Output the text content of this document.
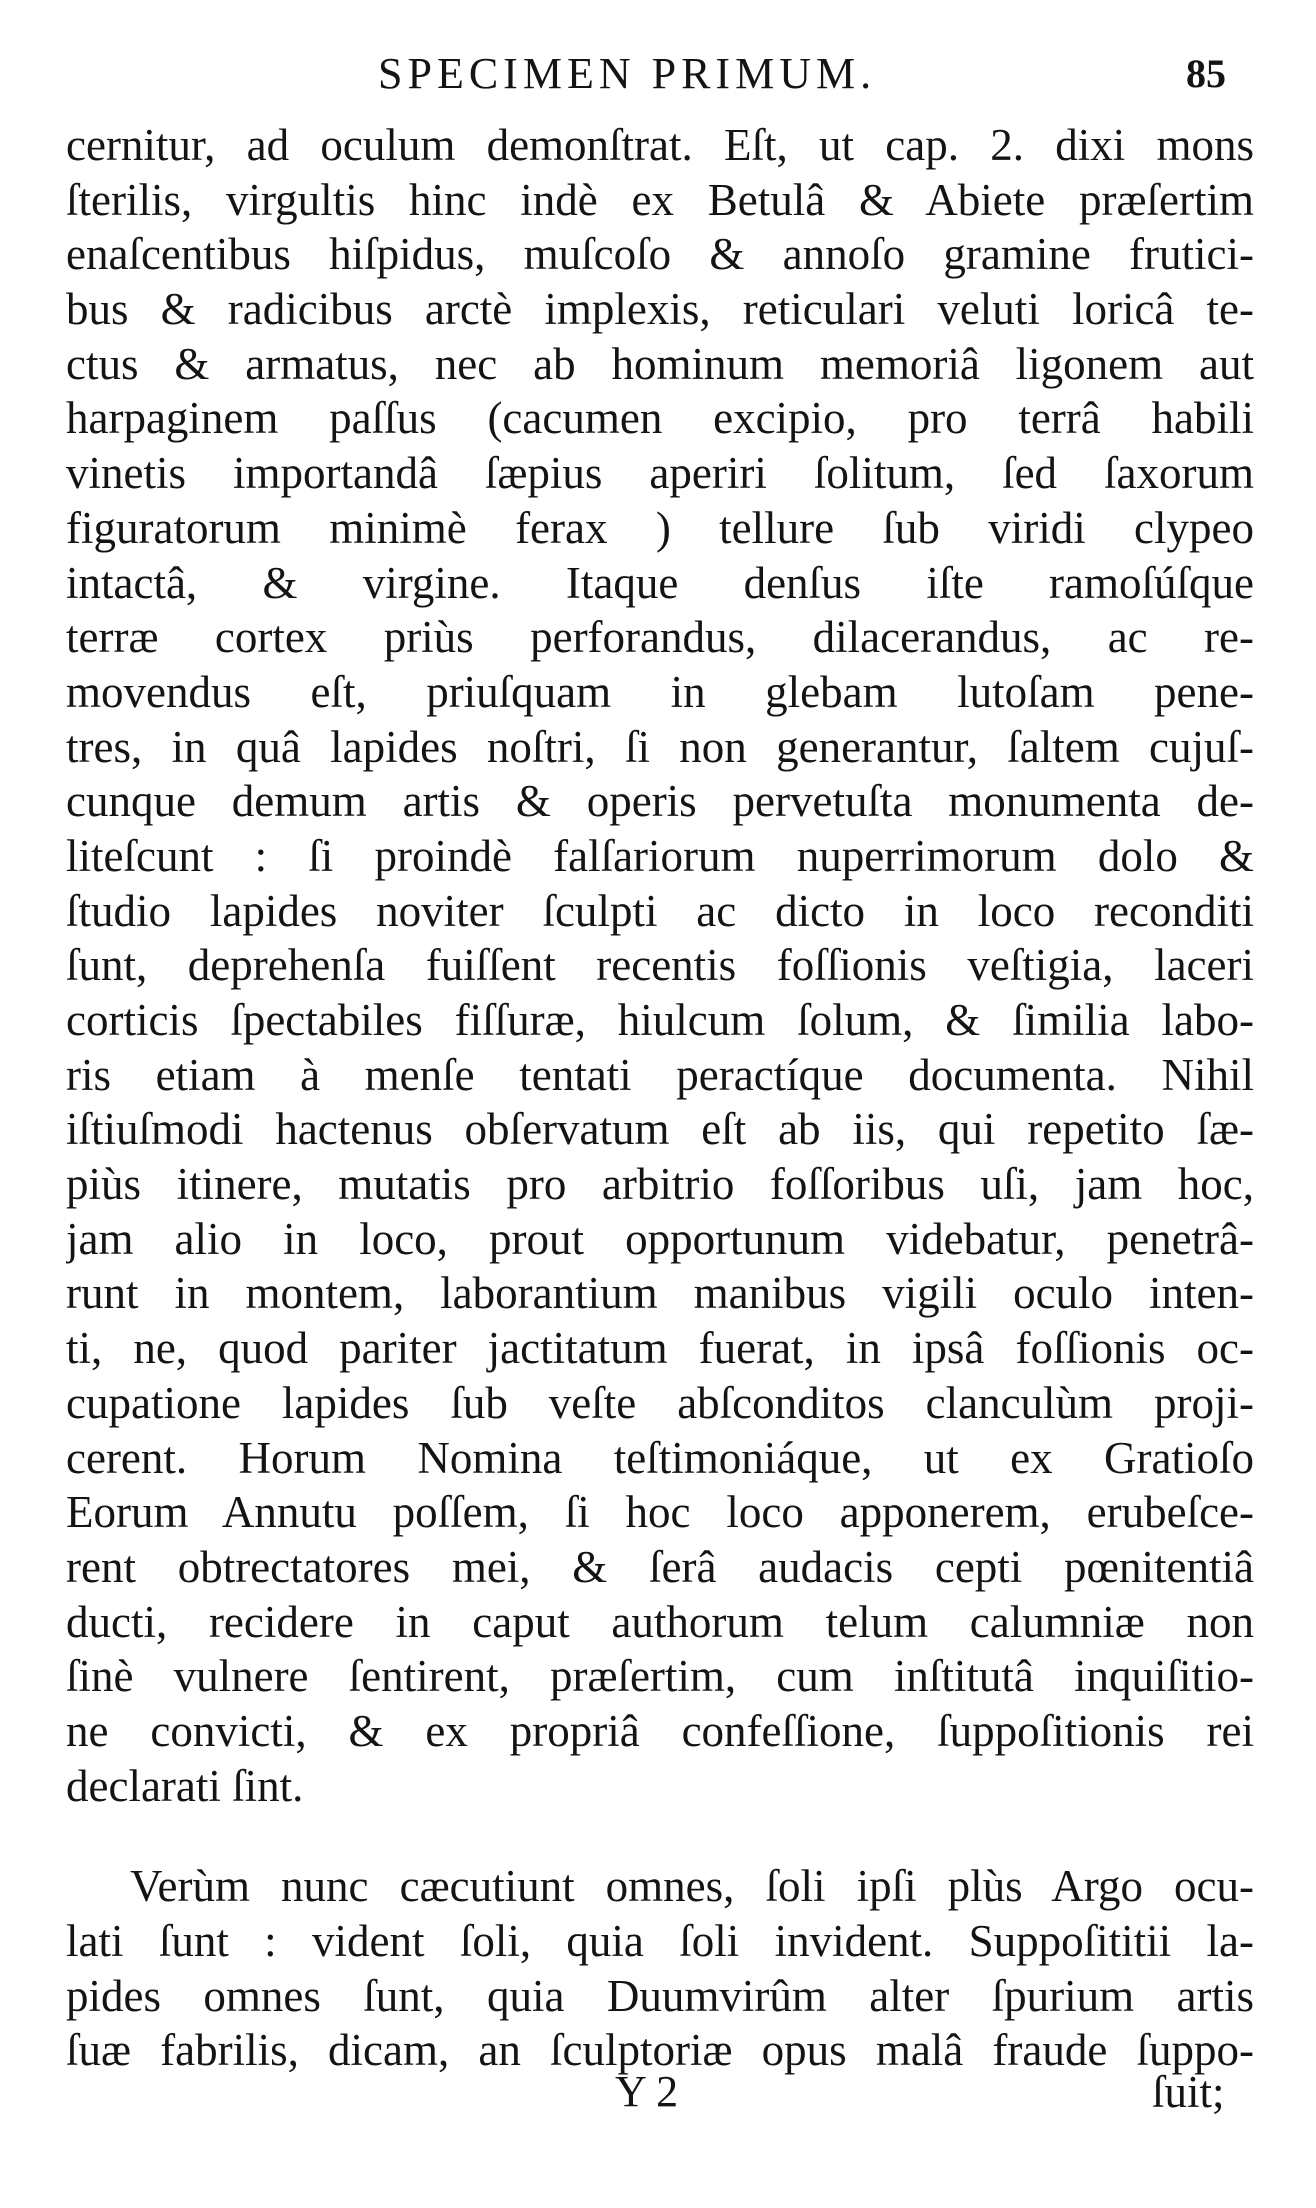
SPECIMEN PRIMUM.	85
cernitur, ad oculum demonſtrat. Eſt, ut cap. 2. dixi mons
ſterilis, virgultis hinc indè ex Betulâ & Abiete præſertim
enaſcentibus hiſpidus, muſcoſo & annoſo gramine frutici-
bus & radicibus arctè implexis, reticulari veluti loricâ te-
ctus & armatus, nec ab hominum memoriâ ligonem aut
harpaginem paſſus (cacumen excipio, pro terrâ habili
vinetis importandâ ſæpius aperiri ſolitum, ſed ſaxorum
figuratorum minimè ferax ) tellure ſub viridi clypeo
intactâ, & virgine. Itaque denſus iſte ramoſúſque
terræ cortex priùs perforandus, dilacerandus, ac re-
movendus eſt, priuſquam in glebam lutoſam pene-
tres, in quâ lapides noſtri, ſi non generantur, ſaltem cujuſ-
cunque demum artis & operis pervetuſta monumenta de-
liteſcunt : ſi proindè falſariorum nuperrimorum dolo &
ſtudio lapides noviter ſculpti ac dicto in loco reconditi
ſunt, deprehenſa fuiſſent recentis foſſionis veſtigia, laceri
corticis ſpectabiles fiſſuræ, hiulcum ſolum, & ſimilia labo-
ris etiam à menſe tentati peractíque documenta. Nihil
iſtiuſmodi hactenus obſervatum eſt ab iis, qui repetito ſæ-
piùs itinere, mutatis pro arbitrio foſſoribus uſi, jam hoc,
jam alio in loco, prout opportunum videbatur, penetrâ-
runt in montem, laborantium manibus vigili oculo inten-
ti, ne, quod pariter jactitatum fuerat, in ipsâ foſſionis oc-
cupatione lapides ſub veſte abſconditos clanculùm proji-
cerent. Horum Nomina teſtimoniáque, ut ex Gratioſo
Eorum Annutu poſſem, ſi hoc loco apponerem, erubeſce-
rent obtrectatores mei, & ſerâ audacis cepti pœnitentiâ
ducti, recidere in caput authorum telum calumniæ non
ſinè vulnere ſentirent, præſertim, cum inſtitutâ inquiſitio-
ne convicti, & ex propriâ confeſſione, ſuppoſitionis rei
declarati ſint.
Verùm nunc cæcutiunt omnes, ſoli ipſi plùs Argo ocu-
lati ſunt : vident ſoli, quia ſoli invident. Suppoſititii la-
pides omnes ſunt, quia Duumvirûm alter ſpurium artis
ſuæ fabrilis, dicam, an ſculptoriæ opus malâ fraude ſuppo-
Y 2	ſuit;
